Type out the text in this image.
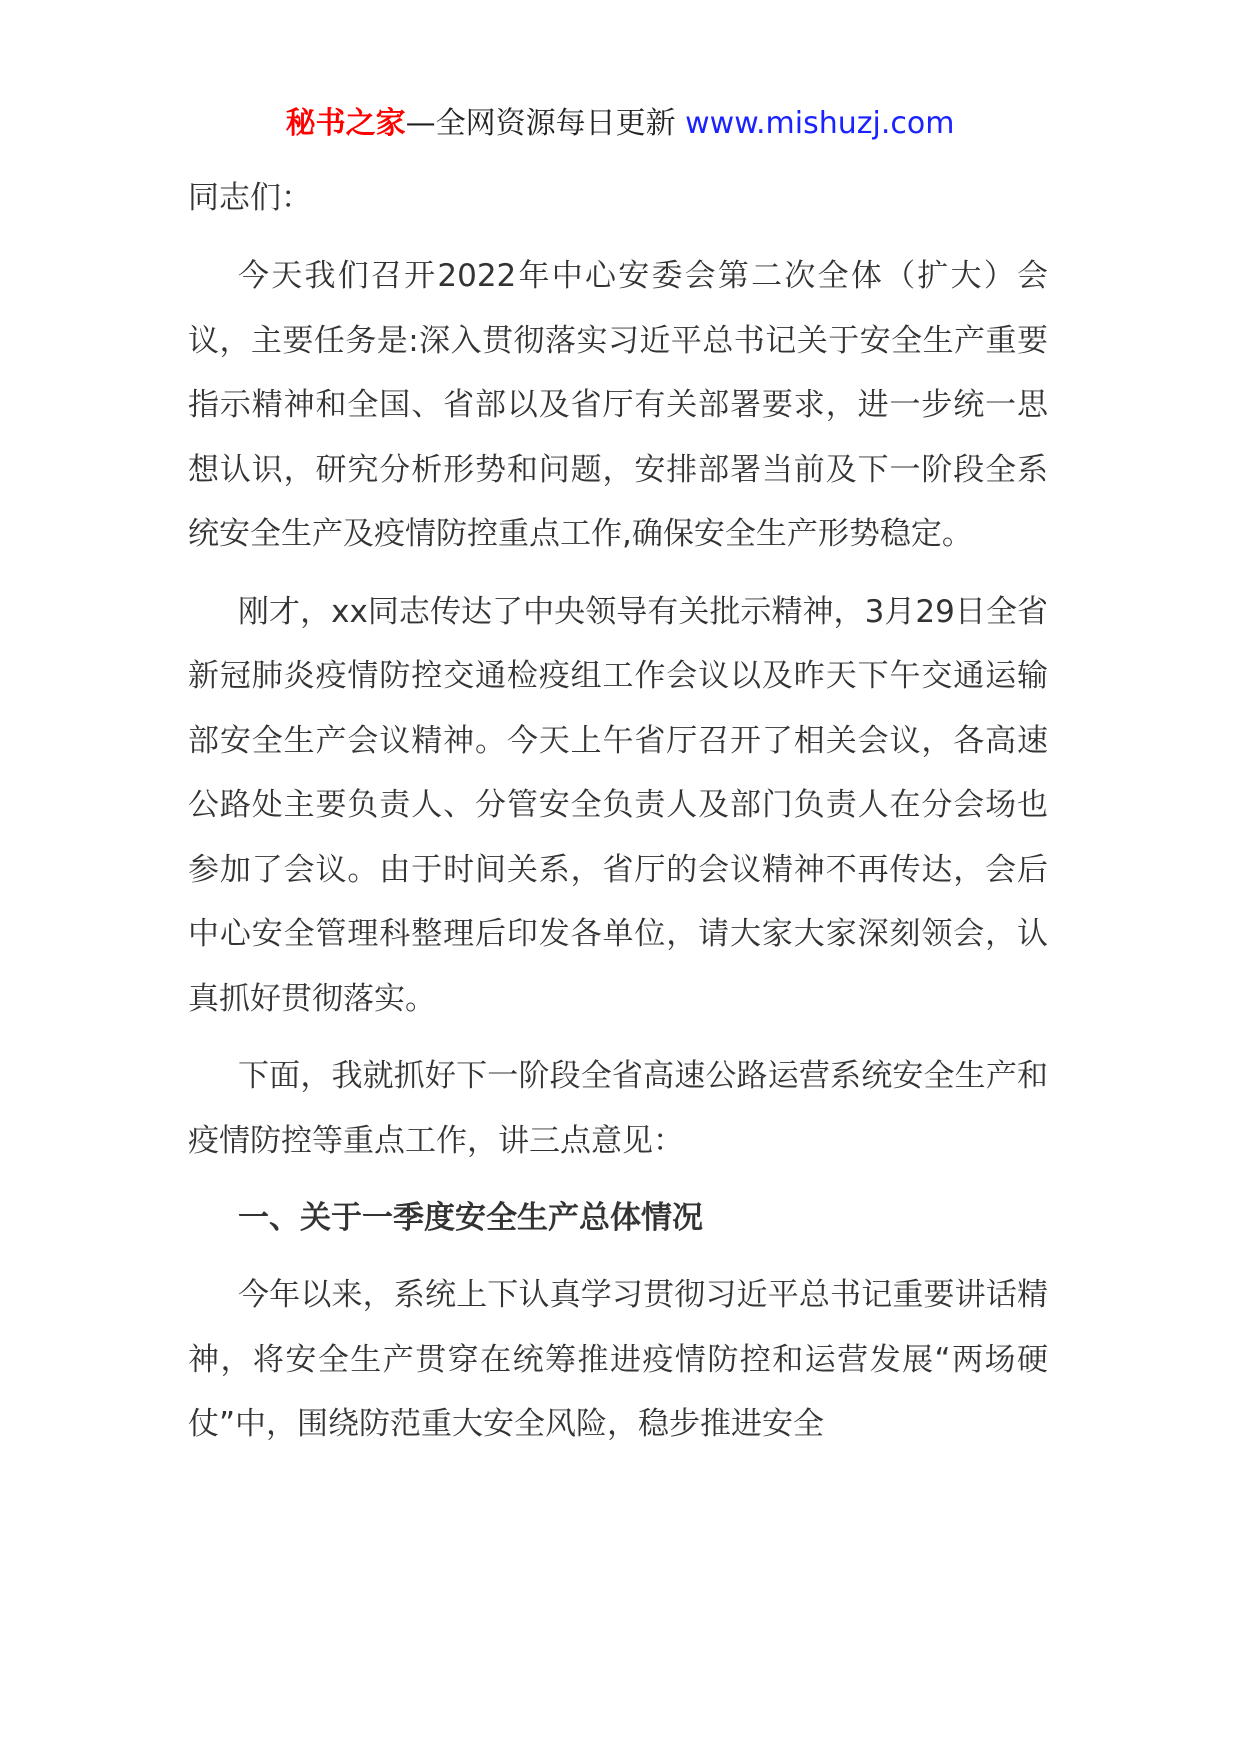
秘书之家—全网资源每日更新 www.mishuzj.com

同志们：

今天我们召开2022年中心安委会第二次全体（扩大）会议，主要任务是:深入贯彻落实习近平总书记关于安全生产重要指示精神和全国、省部以及省厅有关部署要求，进一步统一思想认识，研究分析形势和问题，安排部署当前及下一阶段全系统安全生产及疫情防控重点工作,确保安全生产形势稳定。

刚才，xx同志传达了中央领导有关批示精神，3月29日全省新冠肺炎疫情防控交通检疫组工作会议以及昨天下午交通运输部安全生产会议精神。今天上午省厅召开了相关会议，各高速公路处主要负责人、分管安全负责人及部门负责人在分会场也参加了会议。由于时间关系，省厅的会议精神不再传达，会后中心安全管理科整理后印发各单位，请大家大家深刻领会，认真抓好贯彻落实。

下面，我就抓好下一阶段全省高速公路运营系统安全生产和疫情防控等重点工作，讲三点意见：

一、关于一季度安全生产总体情况

今年以来，系统上下认真学习贯彻习近平总书记重要讲话精神，将安全生产贯穿在统筹推进疫情防控和运营发展“两场硬仗”中，围绕防范重大安全风险，稳步推进安全
